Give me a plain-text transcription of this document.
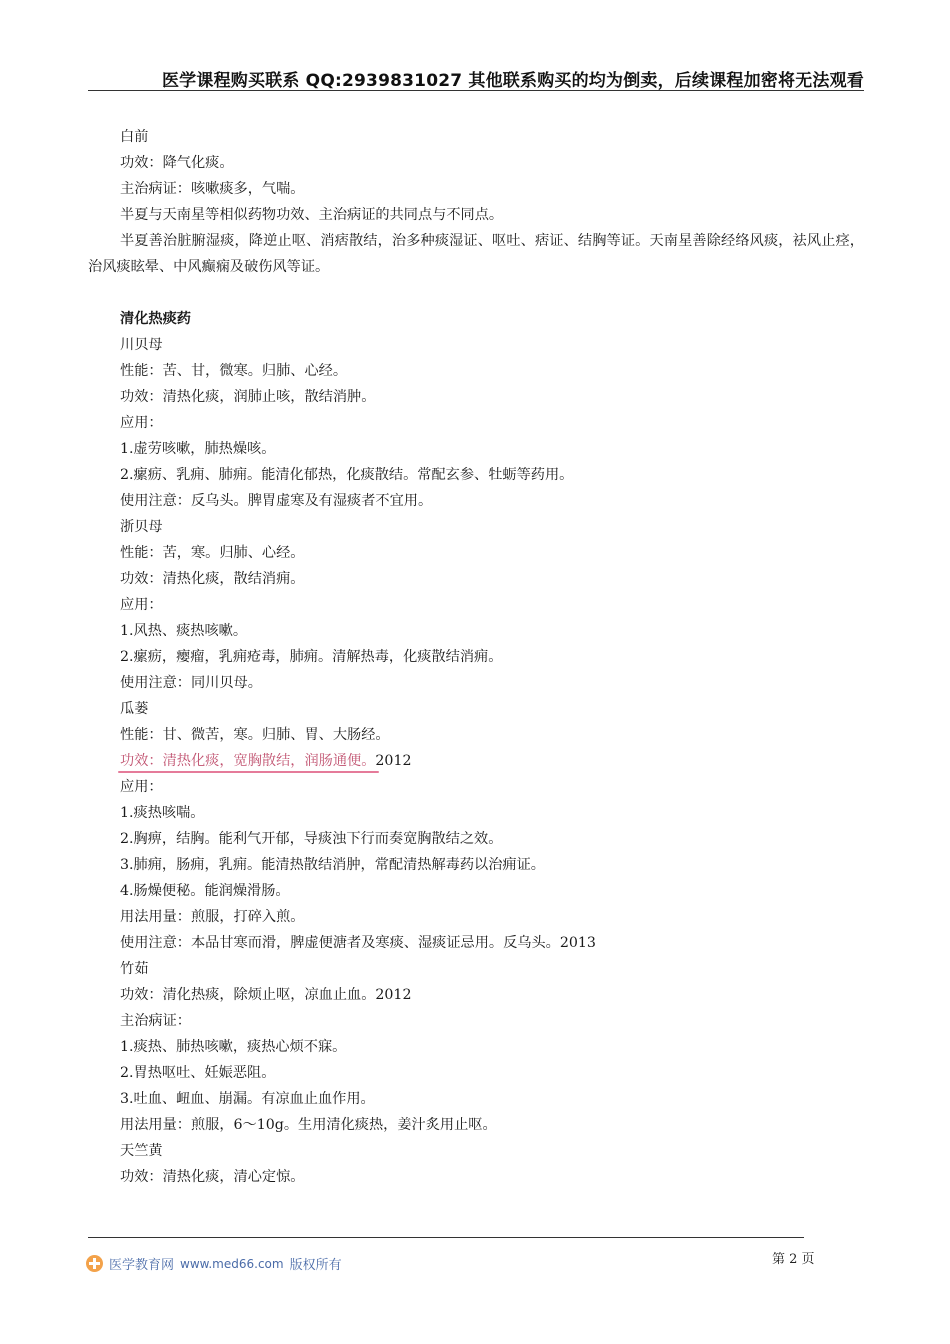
医学课程购买联系 QQ:2939831027 其他联系购买的均为倒卖，后续课程加密将无法观看
白前
功效：降气化痰。
主治病证：咳嗽痰多，气喘。
半夏与天南星等相似药物功效、主治病证的共同点与不同点。
半夏善治脏腑湿痰，降逆止呕、消痞散结，治多种痰湿证、呕吐、痞证、结胸等证。天南星善除经络风痰，祛风止痉，治风痰眩晕、中风癫痫及破伤风等证。
清化热痰药
川贝母
性能：苦、甘，微寒。归肺、心经。
功效：清热化痰，润肺止咳，散结消肿。
应用：
1.虚劳咳嗽，肺热燥咳。
2.瘰疬、乳痈、肺痈。能清化郁热，化痰散结。常配玄参、牡蛎等药用。
使用注意：反乌头。脾胃虚寒及有湿痰者不宜用。
浙贝母
性能：苦，寒。归肺、心经。
功效：清热化痰，散结消痈。
应用：
1.风热、痰热咳嗽。
2.瘰疬，瘿瘤，乳痈疮毒，肺痈。清解热毒，化痰散结消痈。
使用注意：同川贝母。
瓜蒌
性能：甘、微苦，寒。归肺、胃、大肠经。
功效：清热化痰，宽胸散结，润肠通便。2012
应用：
1.痰热咳喘。
2.胸痹，结胸。能利气开郁，导痰浊下行而奏宽胸散结之效。
3.肺痈，肠痈，乳痈。能清热散结消肿，常配清热解毒药以治痈证。
4.肠燥便秘。能润燥滑肠。
用法用量：煎服，打碎入煎。
使用注意：本品甘寒而滑，脾虚便溏者及寒痰、湿痰证忌用。反乌头。2013
竹茹
功效：清化热痰，除烦止呕，凉血止血。2012
主治病证：
1.痰热、肺热咳嗽，痰热心烦不寐。
2.胃热呕吐、妊娠恶阻。
3.吐血、衄血、崩漏。有凉血止血作用。
用法用量：煎服，6～10g。生用清化痰热，姜汁炙用止呕。
天竺黄
功效：清热化痰，清心定惊。
医学教育网 www.med66.com 版权所有	第 2 页
